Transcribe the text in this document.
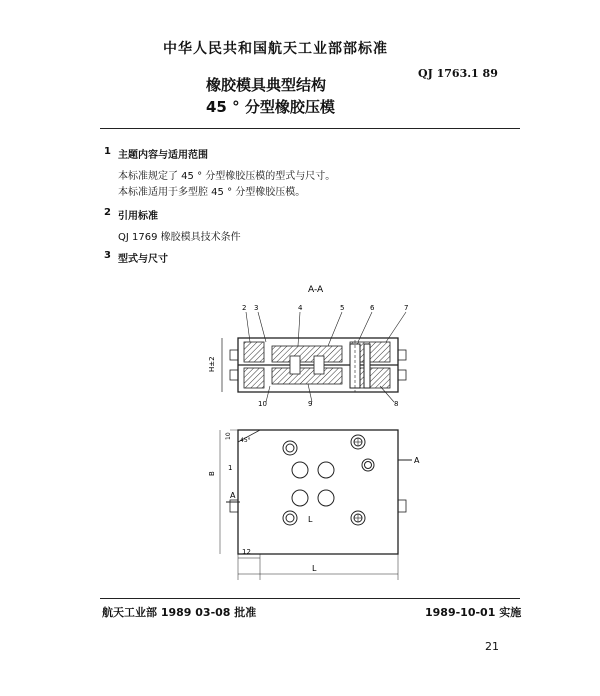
中华人民共和国航天工业部部标准
QJ 1763.1 89
橡胶模具典型结构
45 ° 分型橡胶压模
1 主题内容与适用范围
本标准规定了 45 ° 分型橡胶压模的型式与尺寸。
本标准适用于多型腔 45 ° 分型橡胶压模。
2 引用标准
QJ 1769 橡胶模具技术条件
3 型式与尺寸
A-A
H±2
2 3	4	5	6	7
10	9	8
45°
10
A
A
L
B
1
12
L
航天工业部 1989 03-08 批准	1989-10-01 实施
21
